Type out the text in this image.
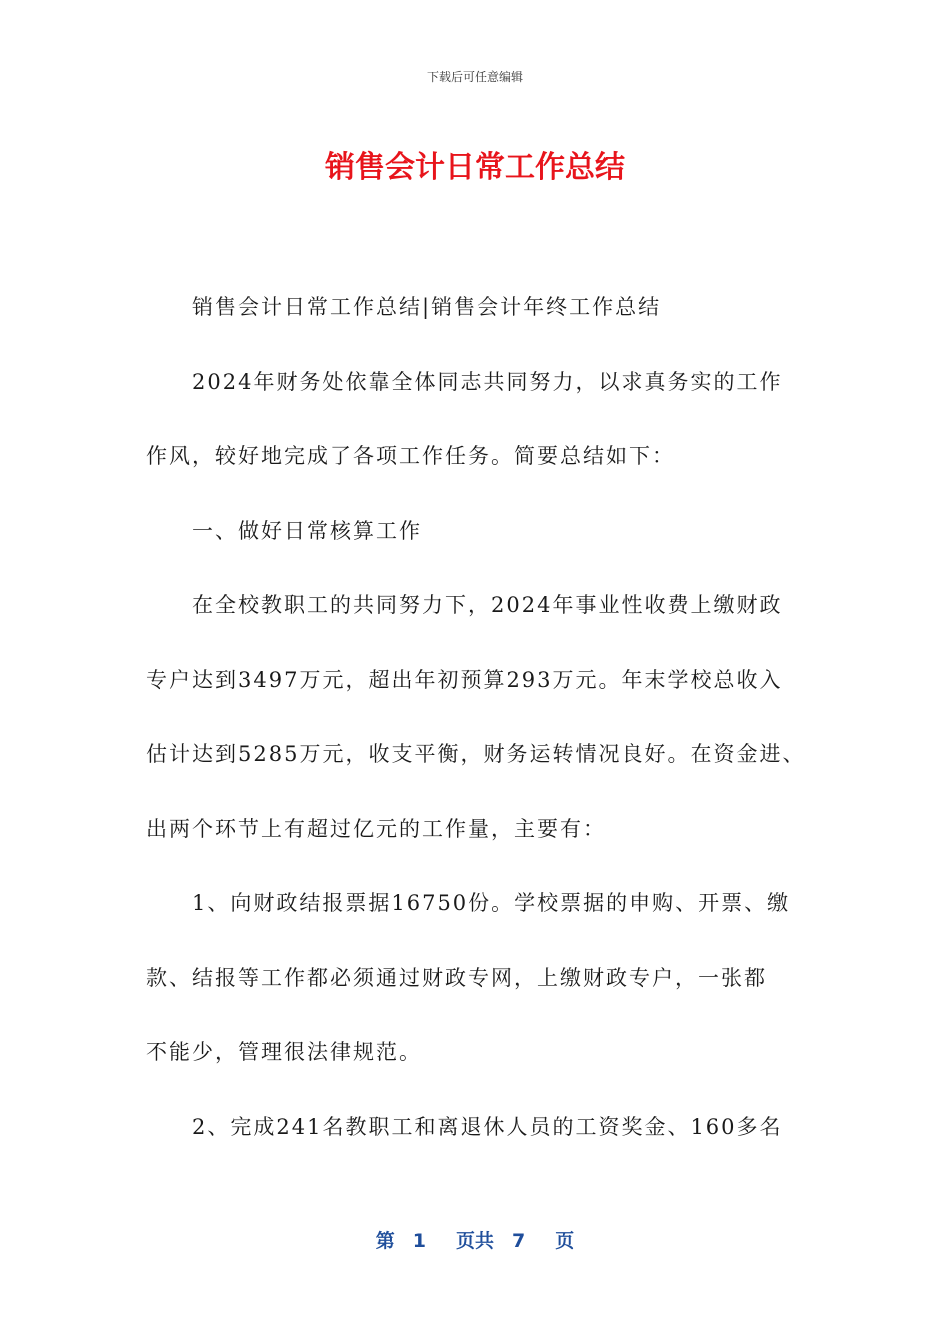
下载后可任意编辑
销售会计日常工作总结
销售会计日常工作总结|销售会计年终工作总结
2024年财务处依靠全体同志共同努力，以求真务实的工作
作风，较好地完成了各项工作任务。简要总结如下：
一、做好日常核算工作
在全校教职工的共同努力下，2024年事业性收费上缴财政
专户达到3497万元，超出年初预算293万元。年末学校总收入
估计达到5285万元，收支平衡，财务运转情况良好。在资金进、
出两个环节上有超过亿元的工作量，主要有：
1、向财政结报票据16750份。学校票据的申购、开票、缴
款、结报等工作都必须通过财政专网，上缴财政专户，一张都
不能少，管理很法律规范。
2、完成241名教职工和离退休人员的工资奖金、160多名
第 1 页共 7 页
